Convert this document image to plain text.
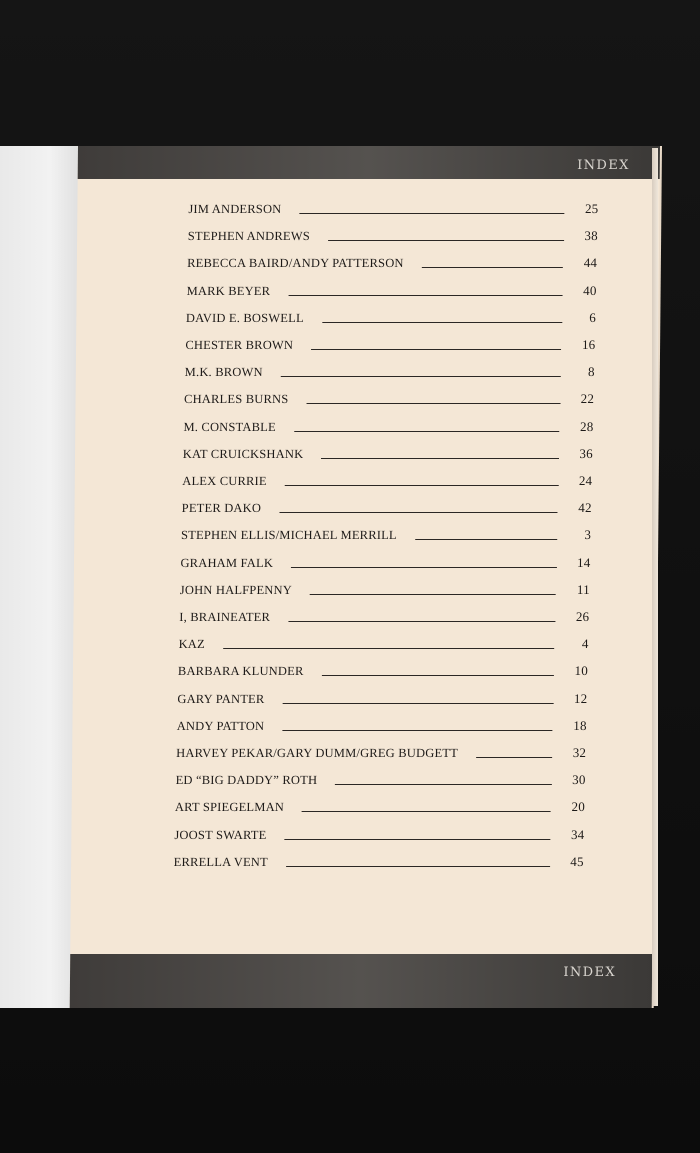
INDEX
JIM ANDERSON	25
STEPHEN ANDREWS	38
REBECCA BAIRD/ANDY PATTERSON	44
MARK BEYER	40
DAVID E. BOSWELL	6
CHESTER BROWN	16
M.K. BROWN	8
CHARLES BURNS	22
M. CONSTABLE	28
KAT CRUICKSHANK	36
ALEX CURRIE	24
PETER DAKO	42
STEPHEN ELLIS/MICHAEL MERRILL	3
GRAHAM FALK	14
JOHN HALFPENNY	11
I, BRAINEATER	26
KAZ	4
BARBARA KLUNDER	10
GARY PANTER	12
ANDY PATTON	18
HARVEY PEKAR/GARY DUMM/GREG BUDGETT	32
ED “BIG DADDY” ROTH	30
ART SPIEGELMAN	20
JOOST SWARTE	34
ERRELLA VENT	45
INDEX
